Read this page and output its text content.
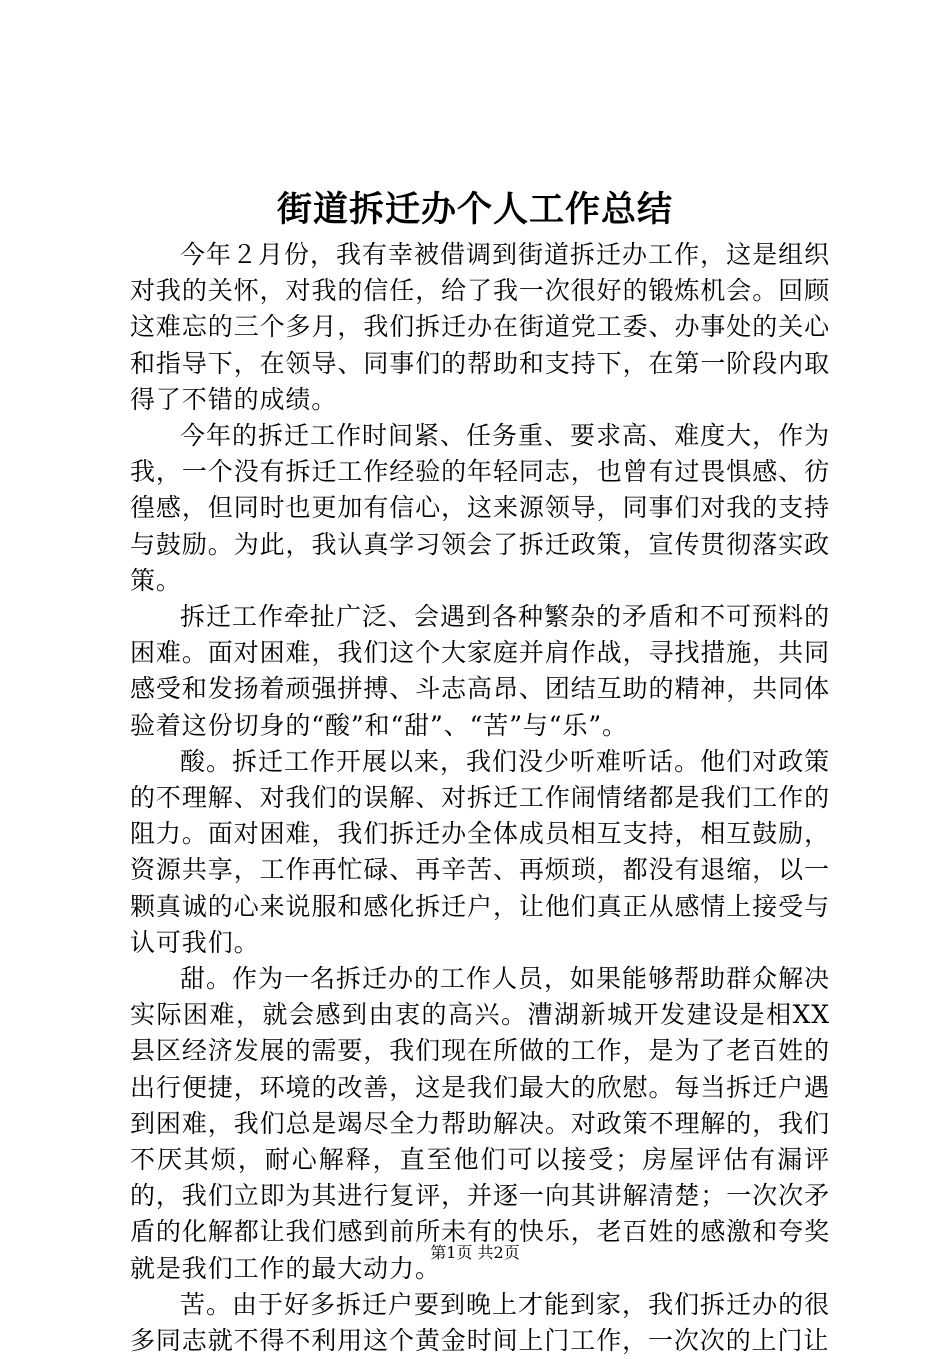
街道拆迁办个人工作总结

今年２月份，我有幸被借调到街道拆迁办工作，这是组织对我的关怀，对我的信任，给了我一次很好的锻炼机会。回顾这难忘的三个多月，我们拆迁办在街道党工委、办事处的关心和指导下，在领导、同事们的帮助和支持下，在第一阶段内取得了不错的成绩。

今年的拆迁工作时间紧、任务重、要求高、难度大，作为我，一个没有拆迁工作经验的年轻同志，也曾有过畏惧感、彷徨感，但同时也更加有信心，这来源领导，同事们对我的支持与鼓励。为此，我认真学习领会了拆迁政策，宣传贯彻落实政策。

拆迁工作牵扯广泛、会遇到各种繁杂的矛盾和不可预料的困难。面对困难，我们这个大家庭并肩作战，寻找措施，共同感受和发扬着顽强拼搏、斗志高昂、团结互助的精神，共同体验着这份切身的“酸”和“甜”、“苦”与“乐”。

酸。拆迁工作开展以来，我们没少听难听话。他们对政策的不理解、对我们的误解、对拆迁工作闹情绪都是我们工作的阻力。面对困难，我们拆迁办全体成员相互支持，相互鼓励，资源共享，工作再忙碌、再辛苦、再烦琐，都没有退缩，以一颗真诚的心来说服和感化拆迁户，让他们真正从感情上接受与认可我们。

甜。作为一名拆迁办的工作人员，如果能够帮助群众解决实际困难，就会感到由衷的高兴。漕湖新城开发建设是相XX县区经济发展的需要，我们现在所做的工作，是为了老百姓的出行便捷，环境的改善，这是我们最大的欣慰。每当拆迁户遇到困难，我们总是竭尽全力帮助解决。对政策不理解的，我们不厌其烦，耐心解释，直至他们可以接受；房屋评估有漏评的，我们立即为其进行复评，并逐一向其讲解清楚；一次次矛盾的化解都让我们感到前所未有的快乐，老百姓的感激和夸奖就是我们工作的最大动力。

苦。由于好多拆迁户要到晚上才能到家，我们拆迁办的很多同志就不得不利用这个黄金时间上门工作，一次次的上门让

第1页 共2页
